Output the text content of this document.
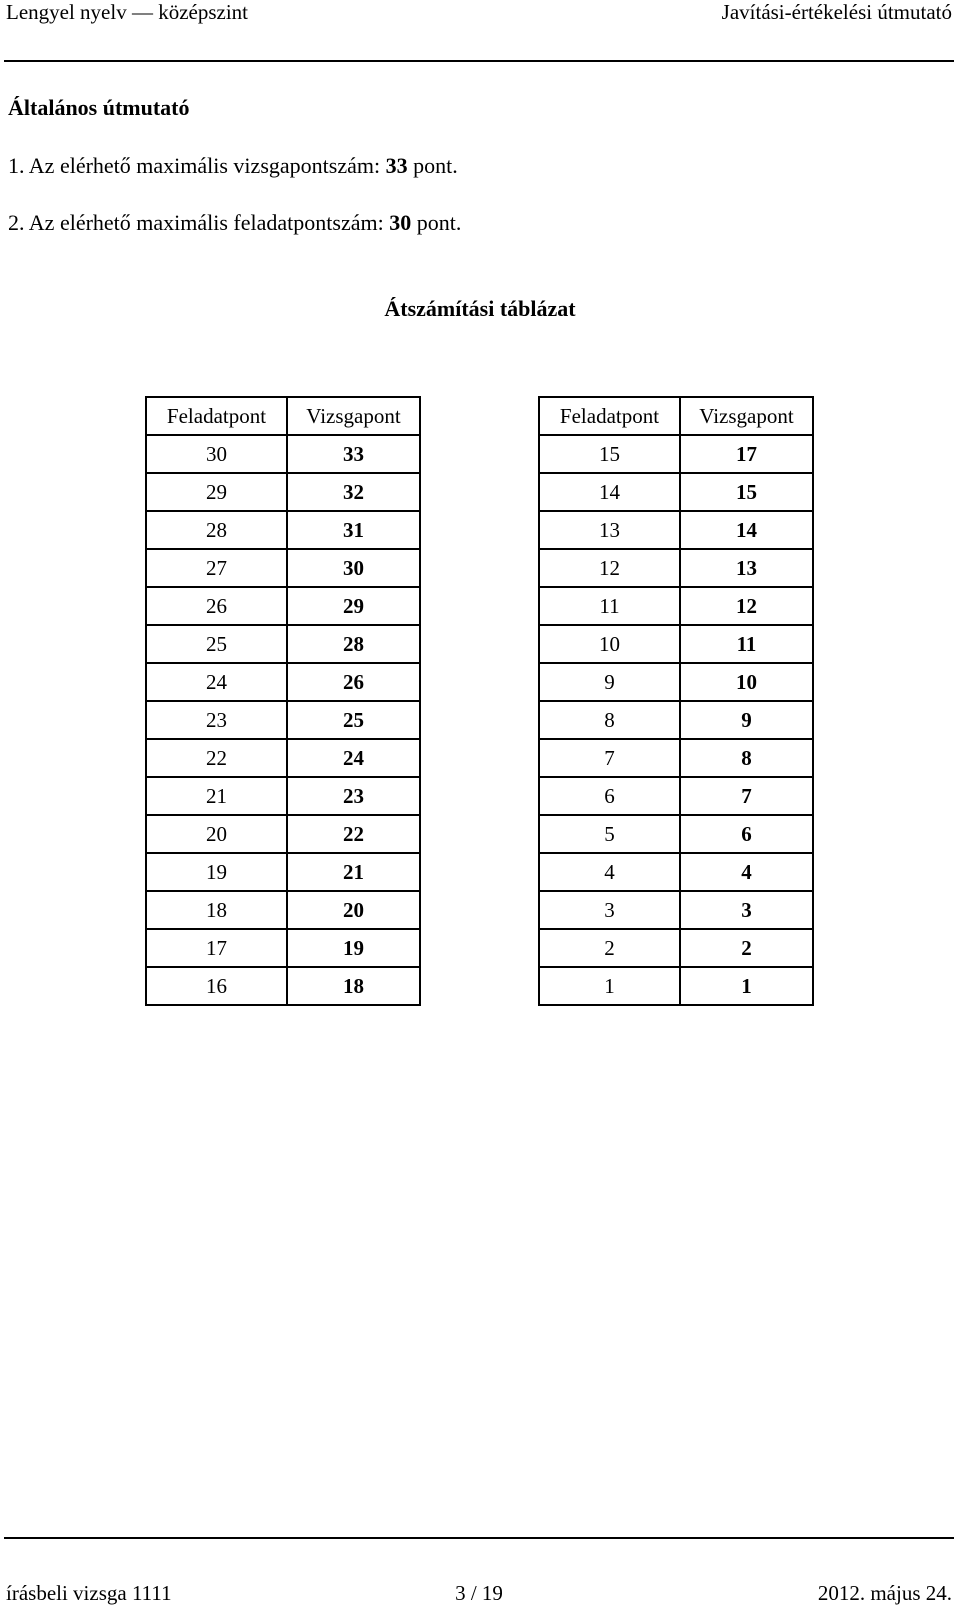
Lengyel nyelv — középszint	Javítási-értékelési útmutató
Általános útmutató
1. Az elérhető maximális vizsgapontszám: 33 pont.
2. Az elérhető maximális feladatpontszám: 30 pont.
Átszámítási táblázat
Feladatpont	Vizsgapont
30	33
29	32
28	31
27	30
26	29
25	28
24	26
23	25
22	24
21	23
20	22
19	21
18	20
17	19
16	18
Feladatpont	Vizsgapont
15	17
14	15
13	14
12	13
11	12
10	11
9	10
8	9
7	8
6	7
5	6
4	4
3	3
2	2
1	1
írásbeli vizsga 1111	3 / 19	2012. május 24.
